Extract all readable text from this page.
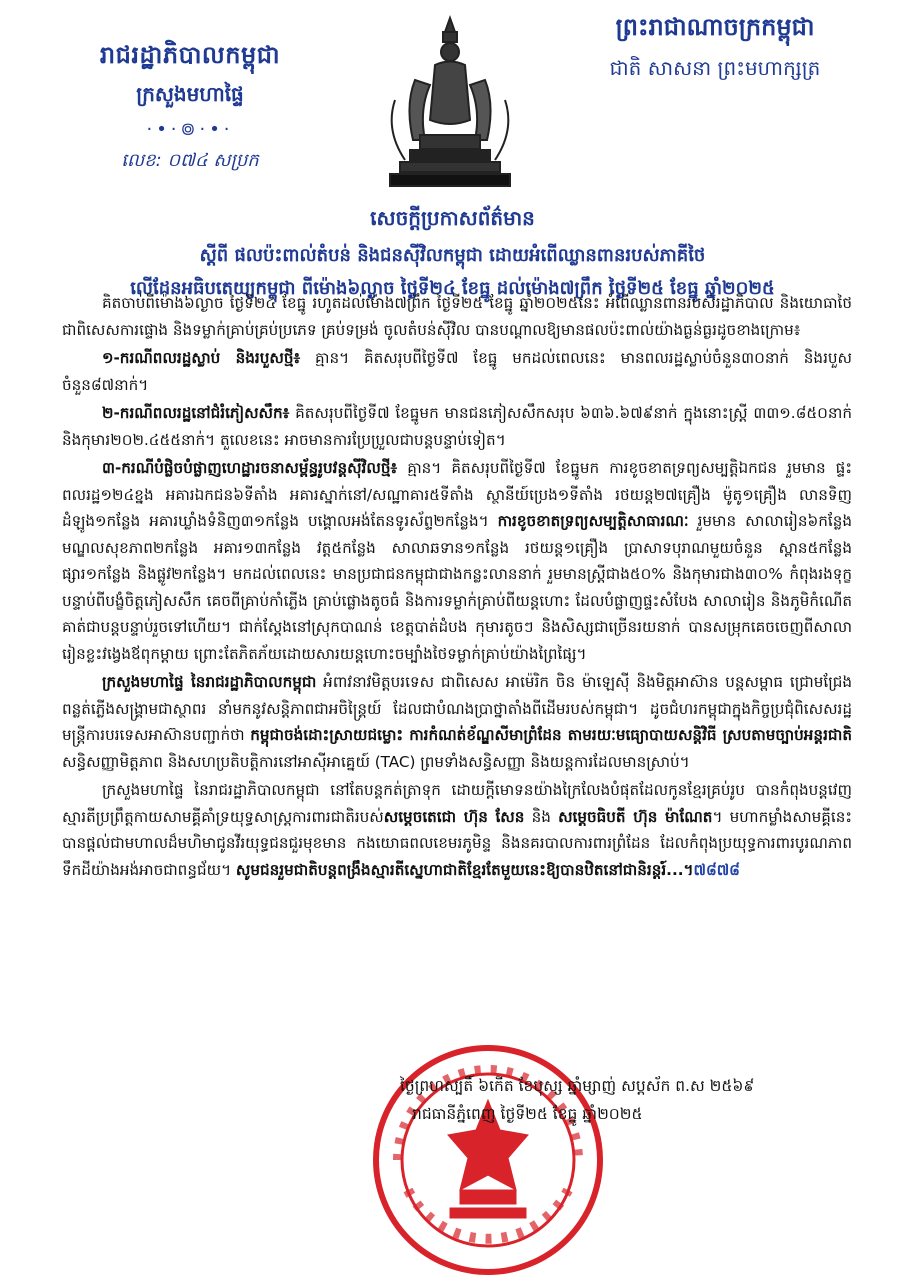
រាជរដ្ឋាភិបាលកម្ពុជា
ក្រសួងមហាផ្ទៃ
·•·៙·•·
លេខ: ០៧៤ សប្រក
ព្រះរាជាណាចក្រកម្ពុជា
ជាតិ សាសនា ព្រះមហាក្សត្រ
សេចក្តីប្រកាសព័ត៌មាន
ស្តីពី ផលប៉ះពាល់តំបន់ និងជនស៊ីវិលកម្ពុជា ដោយអំពើឈ្លានពានរបស់ភាគីថៃ
លើដែនអធិបតេយ្យកម្ពុជា ពីម៉ោង៦ល្ងាច ថ្ងៃទី២៤ ខែធ្នូ ដល់ម៉ោង៧ព្រឹក ថ្ងៃទី២៥ ខែធ្នូ ឆ្នាំ២០២៥

គិតចាប់ពីម៉ោង៦ល្ងាច ថ្ងៃទី២៤ ខែធ្នូ រហូតដល់ម៉ោង៧ព្រឹក ថ្ងៃទី២៥ ខែធ្នូ ឆ្នាំ២០២៥នេះ អំពើឈ្លានពានរបស់រដ្ឋាភិបាល និងយោធាថៃ ជាពិសេសការផ្ទោង និងទម្លាក់គ្រាប់គ្រប់ប្រភេទ គ្រប់ទម្រង់ ចូលតំបន់ស៊ីវិល បានបណ្តាលឱ្យមានផលប៉ះពាល់យ៉ាងធ្ងន់ធ្ងរដូចខាងក្រោម៖

១-ករណីពលរដ្ឋស្លាប់ និងរបួសថ្មី៖ គ្មាន។ គិតសរុបពីថ្ងៃទី៧ ខែធ្នូ មកដល់ពេលនេះ មានពលរដ្ឋស្លាប់ចំនួន៣០នាក់ និងរបួសចំនួន៨៧នាក់។

២-ករណីពលរដ្ឋនៅជំរំភៀសសឹក៖ គិតសរុបពីថ្ងៃទី៧ ខែធ្នូមក មានជនភៀសសឹកសរុប ៦៣៦.៦៧៩នាក់ ក្នុងនោះស្ត្រី ៣៣១.៨៥០នាក់ និងកុមារ២០២.៤៥៥នាក់។ តួលេខនេះ អាចមានការប្រែប្រួលជាបន្តបន្ទាប់ទៀត។

៣-ករណីបំផ្លិចបំផ្លាញហេដ្ឋារចនាសម្ព័ន្ធរូបវន្តស៊ីវិលថ្មី៖ គ្មាន។ គិតសរុបពីថ្ងៃទី៧ ខែធ្នូមក ការខូចខាតទ្រព្យសម្បត្តិឯកជន រួមមាន ផ្ទះពលរដ្ឋ១២៤ខ្នង អគារឯកជន៦ទីតាំង អគារស្នាក់នៅ/សណ្ឋាគារ៥ទីតាំង ស្ថានីយ៍ប្រេង១ទីតាំង រថយន្ត២៧គ្រឿង ម៉ូតូ១គ្រឿង លានទិញដំឡូង១កន្លែង អគារឃ្លាំងទំនិញ៣១កន្លែង បង្គោលអង់តែនទូរស័ព្ទ២កន្លែង។ ការខូចខាតទ្រព្យសម្បត្តិសាធារណៈ រួមមាន សាលារៀន៦កន្លែង មណ្ឌលសុខភាព២កន្លែង អគារ១៣កន្លែង វត្ត៥កន្លែង សាលាឆទាន១កន្លែង រថយន្ត១គ្រឿង ប្រាសាទបុរាណមួយចំនួន ស្ពាន៥កន្លែង ផ្សារ១កន្លែង និងផ្លូវ២កន្លែង។ មកដល់ពេលនេះ មានប្រជាជនកម្ពុជាជាងកន្លះលាននាក់ រួមមានស្ត្រីជាង៥០% និងកុមារជាង៣០% កំពុងរងទុក្ខ បន្ទាប់ពីបង្ខំចិត្តភៀសសឹក គេចពីគ្រាប់កាំភ្លើង គ្រាប់ផ្លោងតូចធំ និងការទម្លាក់គ្រាប់ពីយន្តហោះ ដែលបំផ្លាញផ្ទះសំបែង សាលារៀន និងភូមិកំណើតគាត់ជាបន្តបន្ទាប់រួចទៅហើយ។ ជាក់ស្តែងនៅស្រុកបាណន់ ខេត្តបាត់ដំបង កុមារតូចៗ និងសិស្សជាច្រើនរយនាក់ បានសម្រុកគេចចេញពីសាលារៀនខ្លះវង្វេងឪពុកម្តាយ ព្រោះតែភិតភ័យដោយសារយន្តហោះចម្បាំងថៃទម្លាក់គ្រាប់យ៉ាងព្រៃផ្សៃ។

ក្រសួងមហាផ្ទៃ នៃរាជរដ្ឋាភិបាលកម្ពុជា អំពាវនាវមិត្តបរទេស ជាពិសេស អាម៉េរិក ចិន ម៉ាឡេស៊ី និងមិត្តអាស៊ាន បន្តសម្ពាធ ជ្រោមជ្រែងពន្លត់ភ្លើងសង្គ្រាមជាស្ថាពរ នាំមកនូវសន្តិភាពជាអចិន្ត្រៃយ៍ ដែលជាបំណងប្រាថ្នាតាំងពីដើមរបស់កម្ពុជា។ ដូចជំហរកម្ពុជាក្នុងកិច្ចប្រជុំពិសេសរដ្ឋមន្ត្រីការបរទេសអាស៊ានបញ្ជាក់ថា កម្ពុជាចង់ដោះស្រាយជម្លោះ ការកំណត់ខ័ណ្ឌសីមាព្រំដែន តាមរយៈមធ្យោបាយសន្តិវិធី ស្របតាមច្បាប់អន្តរជាតិ សន្ធិសញ្ញាមិត្តភាព និងសហប្រតិបត្តិការនៅអាស៊ីអាគ្នេយ៍ (TAC) ព្រមទាំងសន្ធិសញ្ញា និងយន្តការដែលមានស្រាប់។

ក្រសួងមហាផ្ទៃ នៃរាជរដ្ឋាភិបាលកម្ពុជា នៅតែបន្តកត់ត្រាទុក ដោយក្តីមោទនយ៉ាងក្រៃលែងបំផុតដែលកូនខ្មែរគ្រប់រូប បានកំពុងបន្តវេញស្មារតីប្រព្រឹត្តកាយសាមគ្គីគាំទ្រយុទ្ធសាស្ត្រការពារជាតិរបស់សម្តេចតេជោ ហ៊ុន សែន និង សម្តេចធិបតី ហ៊ុន ម៉ាណែត។ មហាកម្លាំងសាមគ្គីនេះ បានផ្តល់ជាមហាលដ៏មហិមាជូនវីរយុទ្ធជនជួរមុខមាន កងយោធពលខេមរភូមិន្ទ និងនគរបាលការពារព្រំដែន ដែលកំពុងប្រយុទ្ធការពារបូរណភាពទឹកដីយ៉ាងអង់អាចជាពន្ធជ័យ។ សូមជនរួមជាតិបន្តពង្រឹងស្មារតីស្នេហាជាតិខ្មែរតែមួយនេះឱ្យបានឋិតនៅជានិរន្តរ៍...។៧៨៧៨

ថ្ងៃព្រហស្បតិ៍ ៦កើត ខែបុស្ស ឆ្នាំម្សាញ់ សប្តស័ក ព.ស ២៥៦៩
រាជធានីភ្នំពេញ ថ្ងៃទី២៥ ខែធ្នូ ឆ្នាំ២០២៥
